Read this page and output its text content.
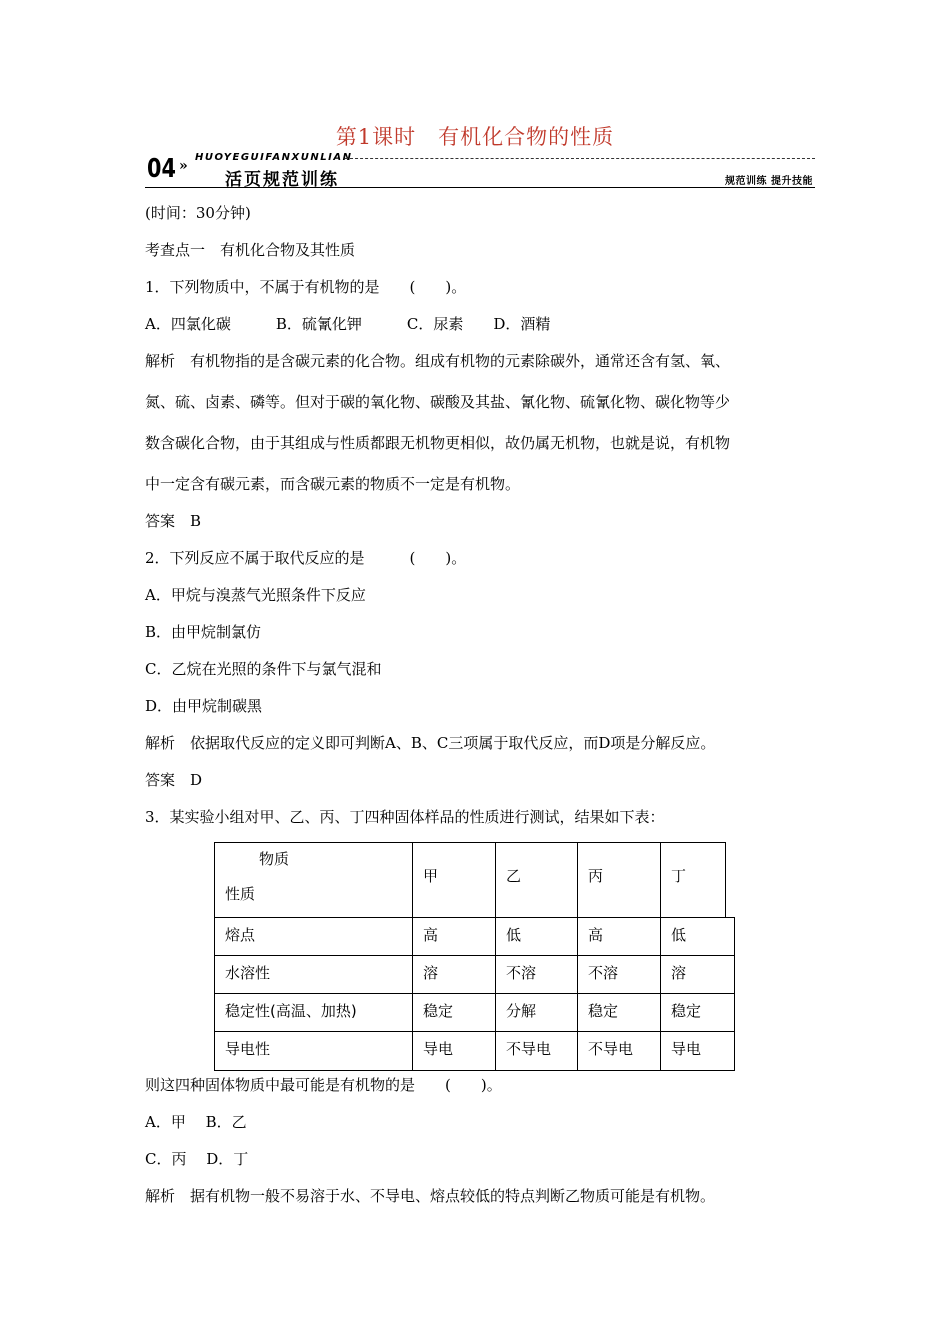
第1课时　有机化合物的性质
04 »
HUOYEGUIFANXUNLIAN
活页规范训练	规范训练 提升技能
(时间：30分钟)
考查点一　有机化合物及其性质
1．下列物质中，不属于有机物的是　　(　　)。
A．四氯化碳　　　B．硫氰化钾　　　C．尿素　　D．酒精
解析　有机物指的是含碳元素的化合物。组成有机物的元素除碳外，通常还含有氢、氧、
氮、硫、卤素、磷等。但对于碳的氧化物、碳酸及其盐、氰化物、硫氰化物、碳化物等少
数含碳化合物，由于其组成与性质都跟无机物更相似，故仍属无机物，也就是说，有机物
中一定含有碳元素，而含碳元素的物质不一定是有机物。
答案　B
2．下列反应不属于取代反应的是　　　(　　)。
A．甲烷与溴蒸气光照条件下反应
B．由甲烷制氯仿
C．乙烷在光照的条件下与氯气混和
D．由甲烷制碳黑
解析　依据取代反应的定义即可判断A、B、C三项属于取代反应，而D项是分解反应。
答案　D
3．某实验小组对甲、乙、丙、丁四种固体样品的性质进行测试，结果如下表：
物质
性质
甲	乙	丙	丁
熔点	高	低	高	低
水溶性	溶	不溶	不溶	溶
稳定性(高温、加热)	稳定	分解	稳定	稳定
导电性	导电	不导电 不导电	导电
则这四种固体物质中最可能是有机物的是　　(　　)。
A．甲　 B．乙
C．丙　 D．丁
解析　据有机物一般不易溶于水、不导电、熔点较低的特点判断乙物质可能是有机物。
